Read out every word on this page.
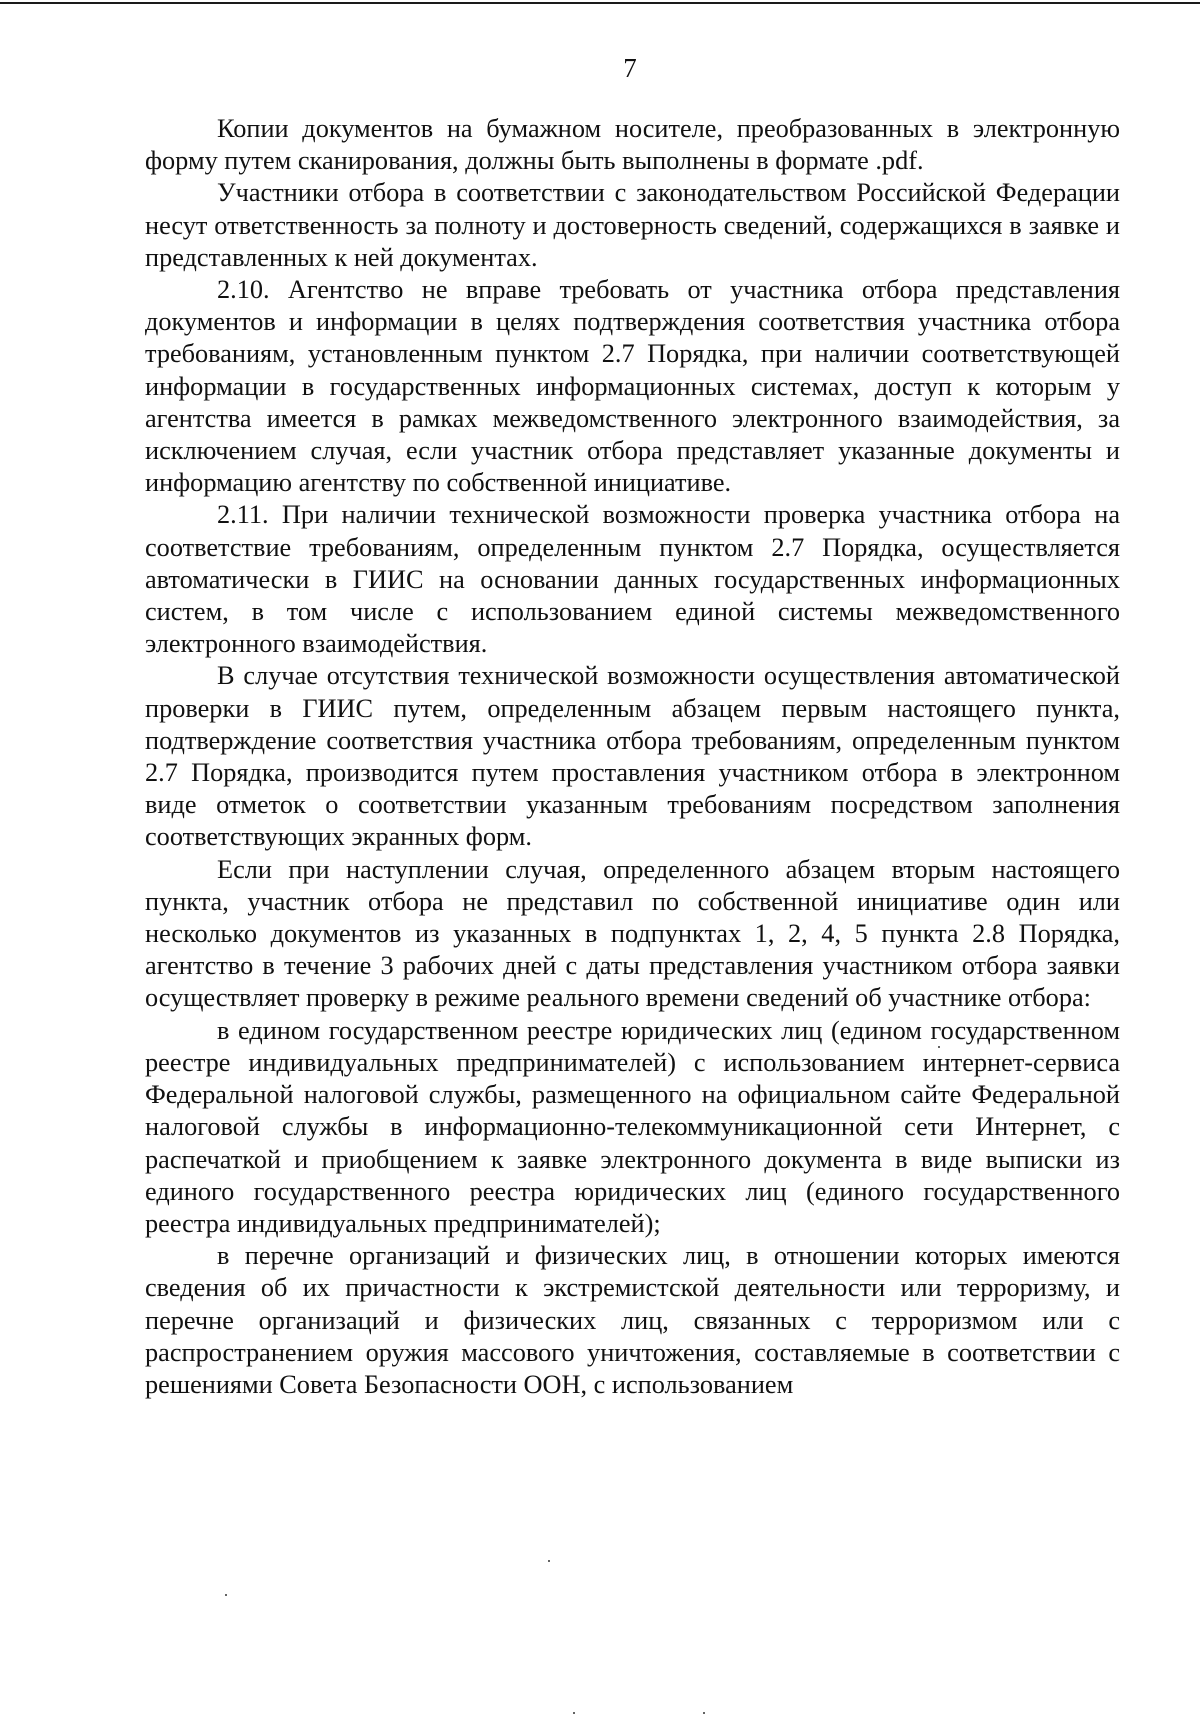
7

Копии документов на бумажном носителе, преобразованных в электронную форму путем сканирования, должны быть выполнены в формате .pdf.

Участники отбора в соответствии с законодательством Российской Федерации несут ответственность за полноту и достоверность сведений, содержащихся в заявке и представленных к ней документах.

2.10. Агентство не вправе требовать от участника отбора представления документов и информации в целях подтверждения соответствия участника отбора требованиям, установленным пунктом 2.7 Порядка, при наличии соответствующей информации в государственных информационных системах, доступ к которым у агентства имеется в рамках межведомственного электронного взаимодействия, за исключением случая, если участник отбора представляет указанные документы и информацию агентству по собственной инициативе.

2.11. При наличии технической возможности проверка участника отбора на соответствие требованиям, определенным пунктом 2.7 Порядка, осуществляется автоматически в ГИИС на основании данных государственных информационных систем, в том числе с использованием единой системы межведомственного электронного взаимодействия.

В случае отсутствия технической возможности осуществления автоматической проверки в ГИИС путем, определенным абзацем первым настоящего пункта, подтверждение соответствия участника отбора требованиям, определенным пунктом 2.7 Порядка, производится путем проставления участником отбора в электронном виде отметок о соответствии указанным требованиям посредством заполнения соответствующих экранных форм.

Если при наступлении случая, определенного абзацем вторым настоящего пункта, участник отбора не представил по собственной инициативе один или несколько документов из указанных в подпунктах 1, 2, 4, 5 пункта 2.8 Порядка, агентство в течение 3 рабочих дней с даты представления участником отбора заявки осуществляет проверку в режиме реального времени сведений об участнике отбора:

в едином государственном реестре юридических лиц (едином государственном реестре индивидуальных предпринимателей) с использованием интернет-сервиса Федеральной налоговой службы, размещенного на официальном сайте Федеральной налоговой службы в информационно-телекоммуникационной сети Интернет, с распечаткой и приобщением к заявке электронного документа в виде выписки из единого государственного реестра юридических лиц (единого государственного реестра индивидуальных предпринимателей);

в перечне организаций и физических лиц, в отношении которых имеются сведения об их причастности к экстремистской деятельности или терроризму, и перечне организаций и физических лиц, связанных с терроризмом или с распространением оружия массового уничтожения, составляемые в соответствии с решениями Совета Безопасности ООН, с использованием
